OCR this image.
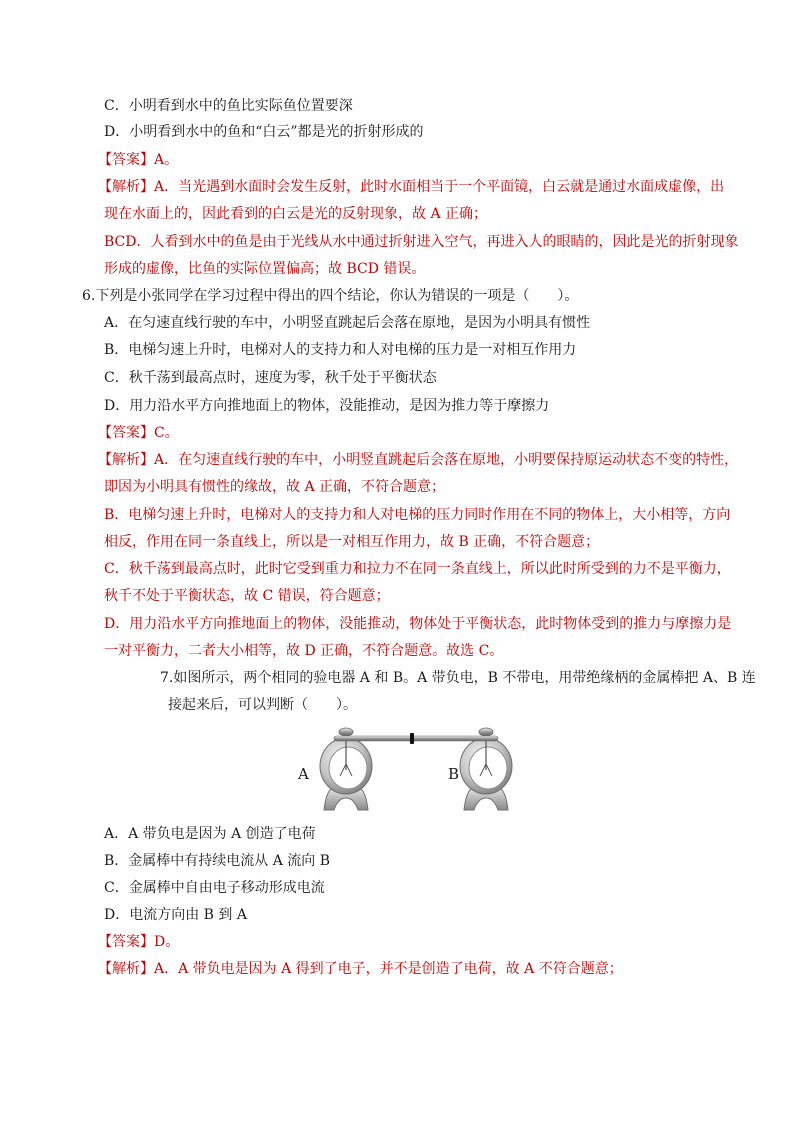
C．小明看到水中的鱼比实际鱼位置要深
D．小明看到水中的鱼和“白云”都是光的折射形成的
【答案】A。
【解析】A．当光遇到水面时会发生反射，此时水面相当于一个平面镜，白云就是通过水面成虚像，出
现在水面上的，因此看到的白云是光的反射现象，故 A 正确；
BCD．人看到水中的鱼是由于光线从水中通过折射进入空气，再进入人的眼睛的，因此是光的折射现象
形成的虚像，比鱼的实际位置偏高；故 BCD 错误。
6.下列是小张同学在学习过程中得出的四个结论，你认为错误的一项是（　　）。
A．在匀速直线行驶的车中，小明竖直跳起后会落在原地，是因为小明具有惯性
B．电梯匀速上升时，电梯对人的支持力和人对电梯的压力是一对相互作用力
C．秋千荡到最高点时，速度为零，秋千处于平衡状态
D．用力沿水平方向推地面上的物体，没能推动，是因为推力等于摩擦力
【答案】C。
【解析】A．在匀速直线行驶的车中，小明竖直跳起后会落在原地，小明要保持原运动状态不变的特性，
即因为小明具有惯性的缘故，故 A 正确，不符合题意；
B．电梯匀速上升时，电梯对人的支持力和人对电梯的压力同时作用在不同的物体上，大小相等，方向
相反，作用在同一条直线上，所以是一对相互作用力，故 B 正确，不符合题意；
C．秋千荡到最高点时，此时它受到重力和拉力不在同一条直线上，所以此时所受到的力不是平衡力，
秋千不处于平衡状态，故 C 错误，符合题意；
D．用力沿水平方向推地面上的物体，没能推动，物体处于平衡状态，此时物体受到的推力与摩擦力是
一对平衡力，二者大小相等，故 D 正确，不符合题意。故选 C。
7.如图所示，两个相同的验电器 A 和 B。A 带负电，B 不带电，用带绝缘柄的金属棒把 A、B 连
接起来后，可以判断（　　）。
A	B
A．A 带负电是因为 A 创造了电荷
B．金属棒中有持续电流从 A 流向 B
C．金属棒中自由电子移动形成电流
D．电流方向由 B 到 A
【答案】D。
【解析】A．A 带负电是因为 A 得到了电子，并不是创造了电荷，故 A 不符合题意；
